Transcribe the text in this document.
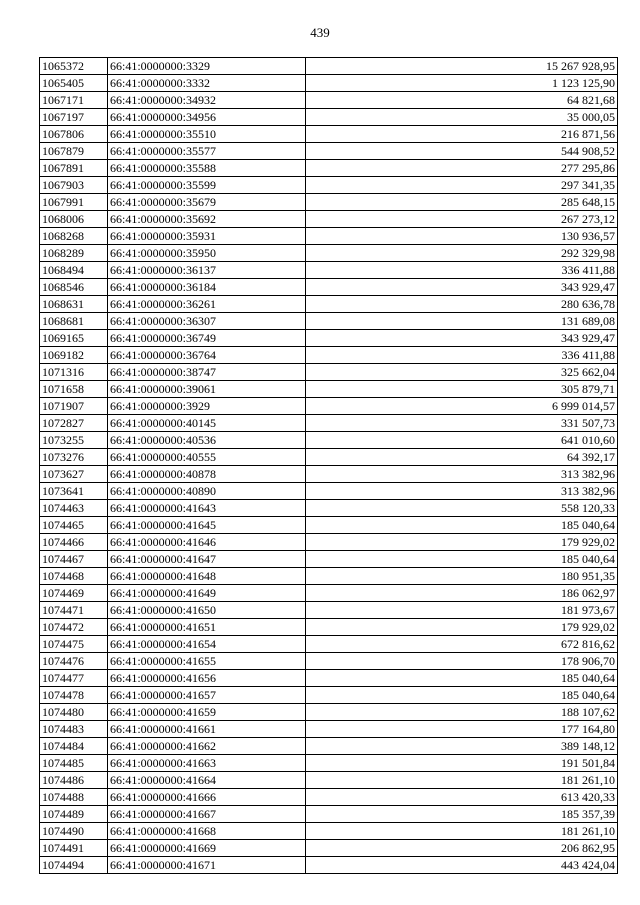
439
1065372	66:41:0000000:3329	15 267 928,95
1065405	66:41:0000000:3332	1 123 125,90
1067171	66:41:0000000:34932	64 821,68
1067197	66:41:0000000:34956	35 000,05
1067806	66:41:0000000:35510	216 871,56
1067879	66:41:0000000:35577	544 908,52
1067891	66:41:0000000:35588	277 295,86
1067903	66:41:0000000:35599	297 341,35
1067991	66:41:0000000:35679	285 648,15
1068006	66:41:0000000:35692	267 273,12
1068268	66:41:0000000:35931	130 936,57
1068289	66:41:0000000:35950	292 329,98
1068494	66:41:0000000:36137	336 411,88
1068546	66:41:0000000:36184	343 929,47
1068631	66:41:0000000:36261	280 636,78
1068681	66:41:0000000:36307	131 689,08
1069165	66:41:0000000:36749	343 929,47
1069182	66:41:0000000:36764	336 411,88
1071316	66:41:0000000:38747	325 662,04
1071658	66:41:0000000:39061	305 879,71
1071907	66:41:0000000:3929	6 999 014,57
1072827	66:41:0000000:40145	331 507,73
1073255	66:41:0000000:40536	641 010,60
1073276	66:41:0000000:40555	64 392,17
1073627	66:41:0000000:40878	313 382,96
1073641	66:41:0000000:40890	313 382,96
1074463	66:41:0000000:41643	558 120,33
1074465	66:41:0000000:41645	185 040,64
1074466	66:41:0000000:41646	179 929,02
1074467	66:41:0000000:41647	185 040,64
1074468	66:41:0000000:41648	180 951,35
1074469	66:41:0000000:41649	186 062,97
1074471	66:41:0000000:41650	181 973,67
1074472	66:41:0000000:41651	179 929,02
1074475	66:41:0000000:41654	672 816,62
1074476	66:41:0000000:41655	178 906,70
1074477	66:41:0000000:41656	185 040,64
1074478	66:41:0000000:41657	185 040,64
1074480	66:41:0000000:41659	188 107,62
1074483	66:41:0000000:41661	177 164,80
1074484	66:41:0000000:41662	389 148,12
1074485	66:41:0000000:41663	191 501,84
1074486	66:41:0000000:41664	181 261,10
1074488	66:41:0000000:41666	613 420,33
1074489	66:41:0000000:41667	185 357,39
1074490	66:41:0000000:41668	181 261,10
1074491	66:41:0000000:41669	206 862,95
1074494	66:41:0000000:41671	443 424,04
